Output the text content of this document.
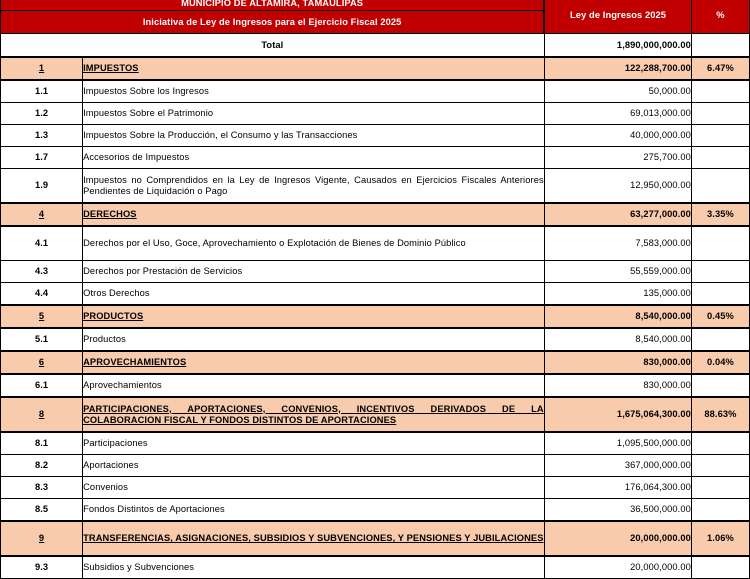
MUNICIPIO DE ALTAMIRA, TAMAULIPAS		Ley de Ingresos 2025	%
Iniciativa de Ley de Ingresos para el Ejercicio Fiscal 2025			
Total		1,890,000,000.00	
1	IMPUESTOS	122,288,700.00	6.47%
1.1	Impuestos Sobre los Ingresos	50,000.00	
1.2	Impuestos Sobre el Patrimonio	69,013,000.00	
1.3	Impuestos Sobre la Producción, el Consumo y las Transacciones	40,000,000.00	
1.7	Accesorios de Impuestos	275,700.00	
1.9	Impuestos no Comprendidos en la Ley de Ingresos Vigente, Causados en Ejercicios Fiscales Anteriores Pendientes de Liquidación o Pago	12,950,000.00	
4	DERECHOS	63,277,000.00	3.35%
4.1	Derechos por el Uso, Goce, Aprovechamiento o Explotación de Bienes de Dominio Público	7,583,000.00	
4.3	Derechos por Prestación de Servicios	55,559,000.00	
4.4	Otros Derechos	135,000.00	
5	PRODUCTOS	8,540,000.00	0.45%
5.1	Productos	8,540,000.00	
6	APROVECHAMIENTOS	830,000.00	0.04%
6.1	Aprovechamientos	830,000.00	
8	PARTICIPACIONES, APORTACIONES, CONVENIOS, INCENTIVOS DERIVADOS DE LA COLABORACION FISCAL Y FONDOS DISTINTOS DE APORTACIONES	1,675,064,300.00	88.63%
8.1	Participaciones	1,095,500,000.00	
8.2	Aportaciones	367,000,000.00	
8.3	Convenios	176,064,300.00	
8.5	Fondos Distintos de Aportaciones	36,500,000.00	
9	TRANSFERENCIAS, ASIGNACIONES, SUBSIDIOS Y SUBVENCIONES, Y PENSIONES Y JUBILACIONES	20,000,000.00	1.06%
9.3	Subsidios y Subvenciones	20,000,000.00	
